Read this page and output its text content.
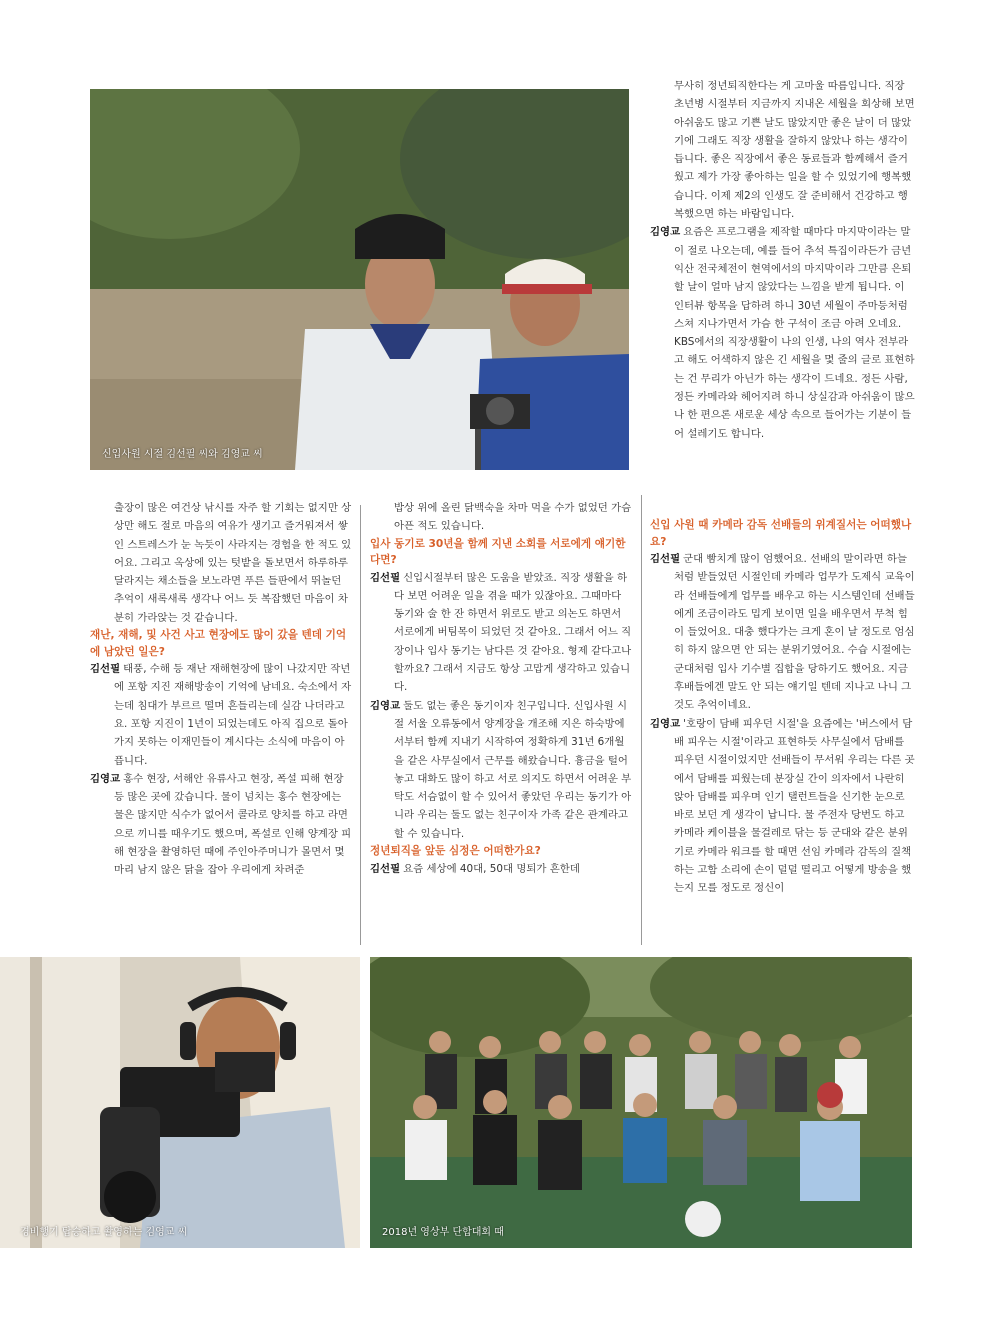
신입사원 시절 김선필 씨와 김영교 씨

무사히 정년퇴직한다는 게 고마울 따름입니다. 직장 초년병 시절부터 지금까지 지내온 세월을 회상해 보면 아쉬움도 많고 기쁜 날도 많았지만 좋은 날이 더 많았기에 그래도 직장 생활을 잘하지 않았나 하는 생각이 듭니다. 좋은 직장에서 좋은 동료들과 함께해서 즐거웠고 제가 가장 좋아하는 일을 할 수 있었기에 행복했습니다. 이제 제2의 인생도 잘 준비해서 건강하고 행복했으면 하는 바람입니다.

김영교 요즘은 프로그램을 제작할 때마다 마지막이라는 말이 절로 나오는데, 예를 들어 추석 특집이라든가 금년 익산 전국체전이 현역에서의 마지막이라 그만큼 은퇴할 날이 얼마 남지 않았다는 느낌을 받게 됩니다. 이 인터뷰 항목을 답하려 하니 30년 세월이 주마등처럼 스쳐 지나가면서 가슴 한 구석이 조금 아려 오네요. KBS에서의 직장생활이 나의 인생, 나의 역사 전부라고 해도 어색하지 않은 긴 세월을 몇 줄의 글로 표현하는 건 무리가 아닌가 하는 생각이 드네요. 정든 사람, 정든 카메라와 헤어지려 하니 상실감과 아쉬움이 많으나 한 편으론 새로운 세상 속으로 들어가는 기분이 들어 설레기도 합니다.

출장이 많은 여건상 낚시를 자주 할 기회는 없지만 상상만 해도 절로 마음의 여유가 생기고 즐거워져서 쌓인 스트레스가 눈 녹듯이 사라지는 경험을 한 적도 있어요. 그리고 옥상에 있는 텃밭을 돌보면서 하루하루 달라지는 채소들을 보노라면 푸른 들판에서 뛰놀던 추억이 새록새록 생각나 어느 듯 복잡했던 마음이 차분히 가라앉는 것 같습니다.

재난, 재해, 및 사건 사고 현장에도 많이 갔을 텐데 기억에 남았던 일은?

김선필 태풍, 수해 등 재난 재해현장에 많이 나갔지만 작년에 포항 지진 재해방송이 기억에 남네요. 숙소에서 자는데 침대가 부르르 떨며 흔들리는데 실감 나더라고요. 포항 지진이 1년이 되었는데도 아직 집으로 돌아가지 못하는 이재민들이 계시다는 소식에 마음이 아픕니다.

김영교 홍수 현장, 서해안 유류사고 현장, 폭설 피해 현장 등 많은 곳에 갔습니다. 물이 넘치는 홍수 현장에는 물은 많지만 식수가 없어서 콜라로 양치를 하고 라면으로 끼니를 때우기도 했으며, 폭설로 인해 양계장 피해 현장을 촬영하던 때에 주인아주머니가 몰면서 몇 마리 남지 않은 닭을 잡아 우리에게 차려준

밥상 위에 올린 닭백숙을 차마 먹을 수가 없었던 가슴 아픈 적도 있습니다.

입사 동기로 30년을 함께 지낸 소회를 서로에게 얘기한다면?

김선필 신입시절부터 많은 도움을 받았죠. 직장 생활을 하다 보면 어려운 일을 겪을 때가 있잖아요. 그때마다 동기와 술 한 잔 하면서 위로도 받고 의논도 하면서 서로에게 버팀목이 되었던 것 같아요. 그래서 어느 직장이나 입사 동기는 남다른 것 같아요. 형제 같다고나 할까요? 그래서 지금도 항상 고맙게 생각하고 있습니다.

김영교 둘도 없는 좋은 동기이자 친구입니다. 신입사원 시절 서울 오류동에서 양계장을 개조해 지은 하숙방에서부터 함께 지내기 시작하여 정확하게 31년 6개월을 같은 사무실에서 근무를 해왔습니다. 흉금을 털어놓고 대화도 많이 하고 서로 의지도 하면서 어려운 부탁도 서슴없이 할 수 있어서 좋았던 우리는 동기가 아니라 우리는 둘도 없는 친구이자 가족 같은 관계라고 할 수 있습니다.

정년퇴직을 앞둔 심정은 어떠한가요?

김선필 요즘 세상에 40대, 50대 명퇴가 흔한데

신입 사원 때 카메라 감독 선배들의 위계질서는 어떠했나요?

김선필 군대 빰치게 많이 엄했어요. 선배의 말이라면 하늘처럼 받들었던 시절인데 카메라 업무가 도제식 교육이라 선배들에게 업무를 배우고 하는 시스템인데 선배들에게 조금이라도 밉게 보이면 일을 배우면서 무척 힘이 들었어요. 대충 했다가는 크게 혼이 날 정도로 엄심히 하지 않으면 안 되는 분위기였어요. 수습 시절에는 군대처럼 입사 기수별 집합을 당하기도 했어요. 지금 후배들에겐 말도 안 되는 얘기일 텐데 지나고 나니 그것도 추억이네요.

김영교 '호랑이 담배 피우던 시절'을 요즘에는 '버스에서 담배 피우는 시절'이라고 표현하듯 사무실에서 담배를 피우던 시절이었지만 선배들이 무서워 우리는 다른 곳에서 담배를 피웠는데 분장실 간이 의자에서 나란히 앉아 담배를 피우며 인기 탤런트들을 신기한 눈으로 바로 보던 게 생각이 납니다. 물 주전자 당번도 하고 카메라 케이블을 물걸레로 닦는 등 군대와 같은 분위기로 카메라 워크를 할 때면 선임 카메라 감독의 질책하는 고함 소리에 손이 덜덜 떨리고 어떻게 방송을 했는지 모를 정도로 정신이

경비행기 탑승하고 촬영하는 김영교 씨	2018년 영상부 단합대회 때
